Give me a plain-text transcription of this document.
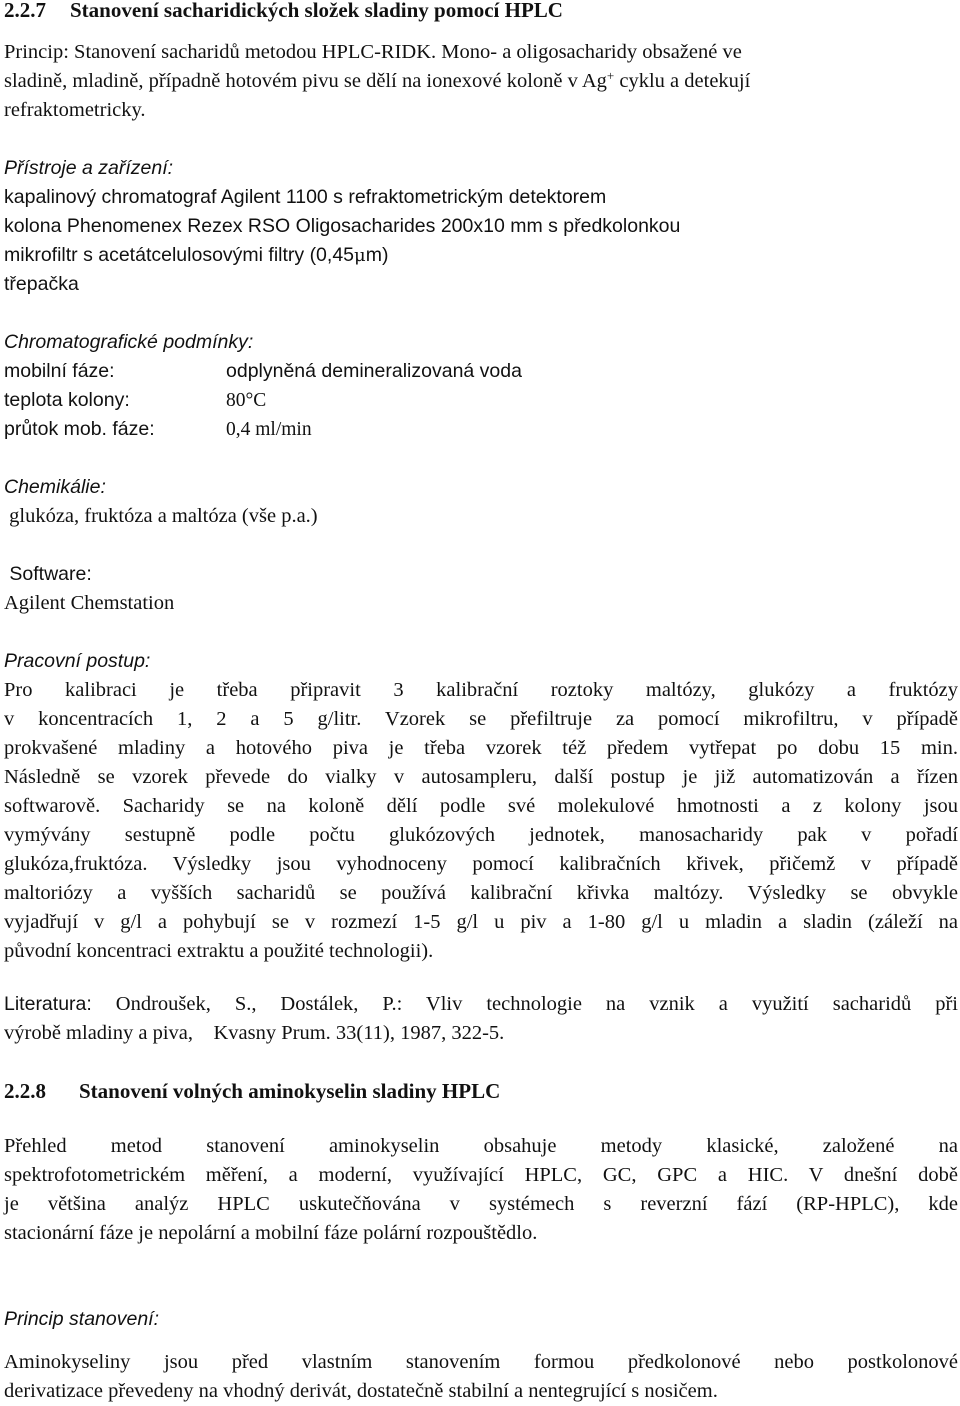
2.2.7 Stanovení sacharidických složek sladiny pomocí HPLC
Princip: Stanovení sacharidů metodou HPLC-RIDK. Mono- a oligosacharidy obsažené ve
sladině, mladině, případně hotovém pivu se dělí na ionexové koloně v Ag+ cyklu a detekují
refraktometricky.
Přístroje a zařízení:
kapalinový chromatograf Agilent 1100 s refraktometrickým detektorem
kolona Phenomenex Rezex RSO Oligosacharides 200x10 mm s předkolonkou
mikrofiltr s acetátcelulosovými filtry (0,45μm)
třepačka
Chromatografické podmínky:
mobilní fáze:	odplyněná demineralizovaná voda
teplota kolony:	80°C
průtok mob. fáze:	0,4 ml/min
Chemikálie:
glukóza, fruktóza a maltóza (vše p.a.)
Software:
Agilent Chemstation
Pracovní postup:
Pro kalibraci je třeba připravit 3 kalibrační roztoky maltózy, glukózy a fruktózy
v koncentracích 1, 2 a 5 g/litr. Vzorek se přefiltruje za pomocí mikrofiltru, v případě
prokvašené mladiny a hotového piva je třeba vzorek též předem vytřepat po dobu 15 min.
Následně se vzorek převede do vialky v autosampleru, další postup je již automatizován a řízen
softwarově. Sacharidy se na koloně dělí podle své molekulové hmotnosti a z kolony jsou
vymývány sestupně podle počtu glukózových jednotek, manosacharidy pak v pořadí
glukóza,fruktóza. Výsledky jsou vyhodnoceny pomocí kalibračních křivek, přičemž v případě
maltoriózy a vyšších sacharidů se používá kalibrační křivka maltózy. Výsledky se obvykle
vyjadřují v g/l a pohybují se v rozmezí 1-5 g/l u piv a 1-80 g/l u mladin a sladin (záleží na
původní koncentraci extraktu a použité technologii).
Literatura: Ondroušek, S., Dostálek, P.: Vliv technologie na vznik a využití sacharidů při
výrobě mladiny a piva,    Kvasny Prum. 33(11), 1987, 322-5.
2.2.8 Stanovení volných aminokyselin sladiny HPLC
Přehled metod stanovení aminokyselin obsahuje metody klasické, založené na
spektrofotometrickém měření, a moderní, využívající HPLC, GC, GPC a HIC. V dnešní době
je většina analýz HPLC uskutečňována v systémech s reverzní fází (RP-HPLC), kde
stacionární fáze je nepolární a mobilní fáze polární rozpouštědlo.
Princip stanovení:
Aminokyseliny jsou před vlastním stanovením formou předkolonové nebo postkolonové
derivatizace převedeny na vhodný derivát, dostatečně stabilní a nentegrující s nosičem.
